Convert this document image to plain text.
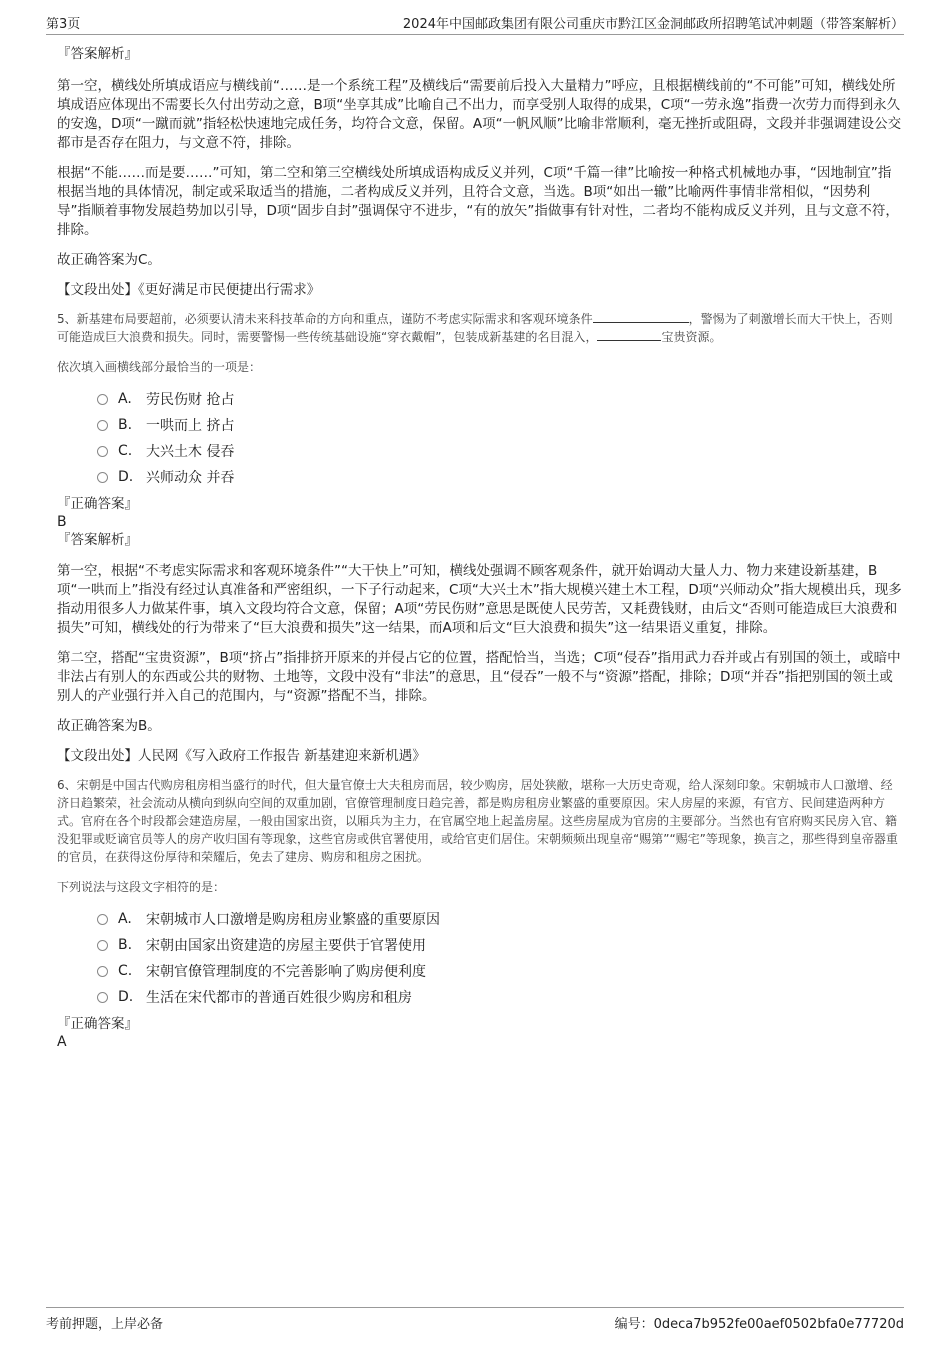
第3页	2024年中国邮政集团有限公司重庆市黔江区金洞邮政所招聘笔试冲刺题（带答案解析）

『答案解析』

第一空，横线处所填成语应与横线前“……是一个系统工程”及横线后“需要前后投入大量精力”呼应，且根据横线前的“不可能”可知，横线处所填成语应体现出不需要长久付出劳动之意，B项“坐享其成”比喻自己不出力，而享受别人取得的成果，C项“一劳永逸”指费一次劳力而得到永久的安逸，D项“一蹴而就”指轻松快速地完成任务，均符合文意，保留。A项“一帆风顺”比喻非常顺利，毫无挫折或阻碍，文段并非强调建设公交都市是否存在阻力，与文意不符，排除。

根据“不能……而是要……”可知，第二空和第三空横线处所填成语构成反义并列，C项“千篇一律”比喻按一种格式机械地办事，“因地制宜”指根据当地的具体情况，制定或采取适当的措施，二者构成反义并列，且符合文意，当选。B项“如出一辙”比喻两件事情非常相似，“因势利导”指顺着事物发展趋势加以引导，D项“固步自封”强调保守不进步，“有的放矢”指做事有针对性，二者均不能构成反义并列，且与文意不符，排除。

故正确答案为C。

【文段出处】《更好满足市民便捷出行需求》

5、新基建布局要超前，必须要认清未来科技革命的方向和重点，谨防不考虑实际需求和客观环境条件	，警惕为了刺激增长而大干快上，否则可能造成巨大浪费和损失。同时，需要警惕一些传统基础设施“穿衣戴帽”，包装成新基建的名目混入，	宝贵资源。

依次填入画横线部分最恰当的一项是：

A.	劳民伤财 抢占
B. 一哄而上 挤占
C. 大兴土木 侵吞
D. 兴师动众 并吞

『正确答案』

B

『答案解析』

第一空，根据“不考虑实际需求和客观环境条件”“大干快上”可知，横线处强调不顾客观条件，就开始调动大量人力、物力来建设新基建，B项“一哄而上”指没有经过认真准备和严密组织，一下子行动起来，C项“大兴土木”指大规模兴建土木工程，D项“兴师动众”指大规模出兵，现多指动用很多人力做某件事，填入文段均符合文意，保留；A项“劳民伤财”意思是既使人民劳苦，又耗费钱财，由后文“否则可能造成巨大浪费和损失”可知，横线处的行为带来了“巨大浪费和损失”这一结果，而A项和后文“巨大浪费和损失”这一结果语义重复，排除。

第二空，搭配“宝贵资源”，B项“挤占”指排挤开原来的并侵占它的位置，搭配恰当，当选；C项“侵吞”指用武力吞并或占有别国的领土，或暗中非法占有别人的东西或公共的财物、土地等，文段中没有“非法”的意思，且“侵吞”一般不与“资源”搭配，排除；D项“并吞”指把别国的领土或别人的产业强行并入自己的范围内，与“资源”搭配不当，排除。

故正确答案为B。

【文段出处】人民网《写入政府工作报告 新基建迎来新机遇》

6、宋朝是中国古代购房租房相当盛行的时代，但大量官僚士大夫租房而居，较少购房，居处狭敝，堪称一大历史奇观，给人深刻印象。宋朝城市人口激增、经济日趋繁荣，社会流动从横向到纵向空间的双重加剧，官僚管理制度日趋完善，都是购房租房业繁盛的重要原因。宋人房屋的来源，有官方、民间建造两种方式。官府在各个时段都会建造房屋，一般由国家出资，以厢兵为主力，在官属空地上起盖房屋。这些房屋成为官房的主要部分。当然也有官府购买民房入官、籍没犯罪或贬谪官员等人的房产收归国有等现象，这些官房或供官署使用，或给官吏们居住。宋朝频频出现皇帝“赐第”“赐宅”等现象，换言之，那些得到皇帝器重的官员，在获得这份厚待和荣耀后，免去了建房、购房和租房之困扰。

下列说法与这段文字相符的是：

A.	宋朝城市人口激增是购房租房业繁盛的重要原因
B. 宋朝由国家出资建造的房屋主要供于官署使用
C. 宋朝官僚管理制度的不完善影响了购房便利度
D. 生活在宋代都市的普通百姓很少购房和租房

『正确答案』

A

考前押题，上岸必备	编号：0deca7b952fe00aef0502bfa0e77720d
